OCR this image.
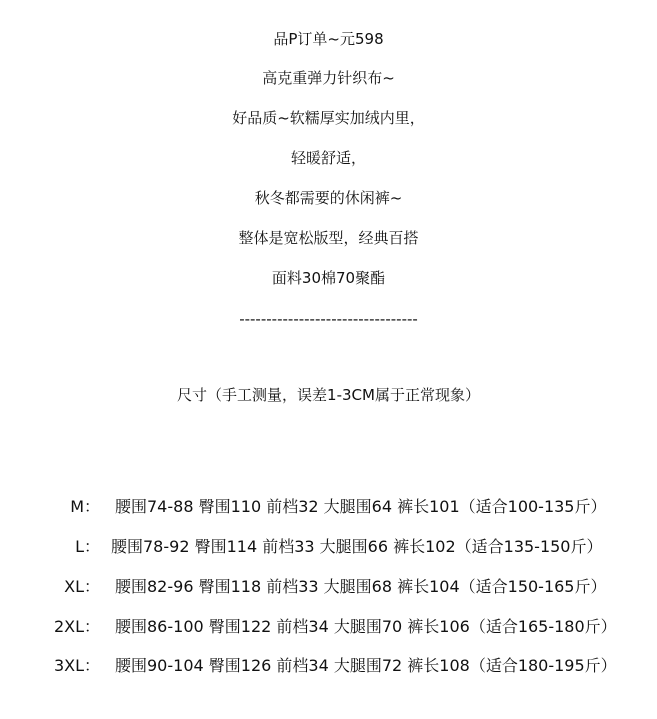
品P订单~元598
高克重弹力针织布~
好品质~软糯厚实加绒内里，
轻暖舒适，
秋冬都需要的休闲裤~
整体是宽松版型，经典百搭
面料30棉70聚酯
---------------------------------
尺寸（手工测量，误差1-3CM属于正常现象）
M： 腰围74-88 臀围110 前档32 大腿围64 裤长101（适合100-135斤）
L： 腰围78-92 臀围114 前档33 大腿围66 裤长102（适合135-150斤）
XL： 腰围82-96 臀围118 前档33 大腿围68 裤长104（适合150-165斤）
2XL： 腰围86-100 臀围122 前档34 大腿围70 裤长106（适合165-180斤）
3XL： 腰围90-104 臀围126 前档34 大腿围72 裤长108（适合180-195斤）
